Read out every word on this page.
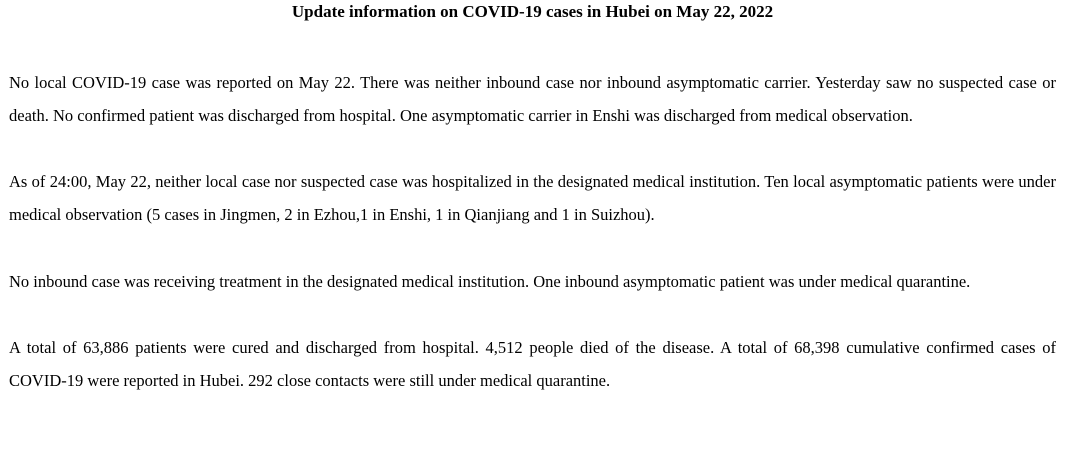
Update information on COVID-19 cases in Hubei on May 22, 2022

No local COVID-19 case was reported on May 22. There was neither inbound case nor inbound asymptomatic carrier. Yesterday saw no suspected case or death. No confirmed patient was discharged from hospital. One asymptomatic carrier in Enshi was discharged from medical observation.

As of 24:00, May 22, neither local case nor suspected case was hospitalized in the designated medical institution. Ten local asymptomatic patients were under medical observation (5 cases in Jingmen, 2 in Ezhou,1 in Enshi, 1 in Qianjiang and 1 in Suizhou).

No inbound case was receiving treatment in the designated medical institution. One inbound asymptomatic patient was under medical quarantine.

A total of 63,886 patients were cured and discharged from hospital. 4,512 people died of the disease. A total of 68,398 cumulative confirmed cases of COVID-19 were reported in Hubei. 292 close contacts were still under medical quarantine.
